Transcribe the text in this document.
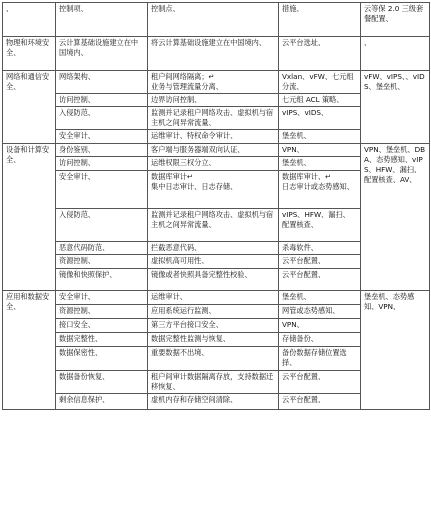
、	控制项、	控制点、	措施、	云等保 2.0 三级套餐配置、
物理和环境安全、	云计算基础设施建立在中国境内、	将云计算基础设施建立在中国境内、	云平台选址、	、
网络和通信安全、	网络架构、	租户间网络隔离；↵
业务与管理流量分离、	Vxlan、vFW、七元组分流、	vFW、vIPS、、vIDS、堡垒机、
	访问控制、	边界访问控制、	七元组 ACL 策略、	
	入侵防范、	监测并记录租户网络攻击、虚拟机与宿主机之间异常流量、	vIPS、vIDS、	
	安全审计、	运维审计、特权命令审计、	堡垒机、	
设备和计算安全、	身份鉴别、	客户端与服务器端双向认证、	VPN、	VPN、堡垒机、DBA、态势感知、vIPS、HFW、漏扫、配置核查、AV、
	访问控制、	运维权限三权分立、	堡垒机、	
	安全审计、	数据库审计↵
集中日志审计、日志存储、	数据库审计、↵
日志审计或态势感知、	
	入侵防范、	监测并记录租户网络攻击、虚拟机与宿主机之间异常流量、	vIPS、HFW、漏扫、配置核查、	
	恶意代码防范、	拦截恶意代码、	杀毒软件、	
	资源控制、	虚拟机高可用性、	云平台配置、	
	镜像和快照保护、	镜像或者快照具备完整性校验、	云平台配置、	
应用和数据安全、	安全审计、	运维审计、	堡垒机、	堡垒机、态势感知、VPN、
	资源控制、	应用系统运行监测、	网管或态势感知、	
	接口安全、	第三方平台接口安全、	VPN、	
	数据完整性、	数据完整性监测与恢复、	存储备份、	
	数据保密性、	重要数据不出境、	备份数据存储位置选择、	
	数据备份恢复、	租户间审计数据隔离存放，支持数据迁移恢复、	云平台配置、	
	剩余信息保护、	虚机内存和存储空间清除、	云平台配置、	
